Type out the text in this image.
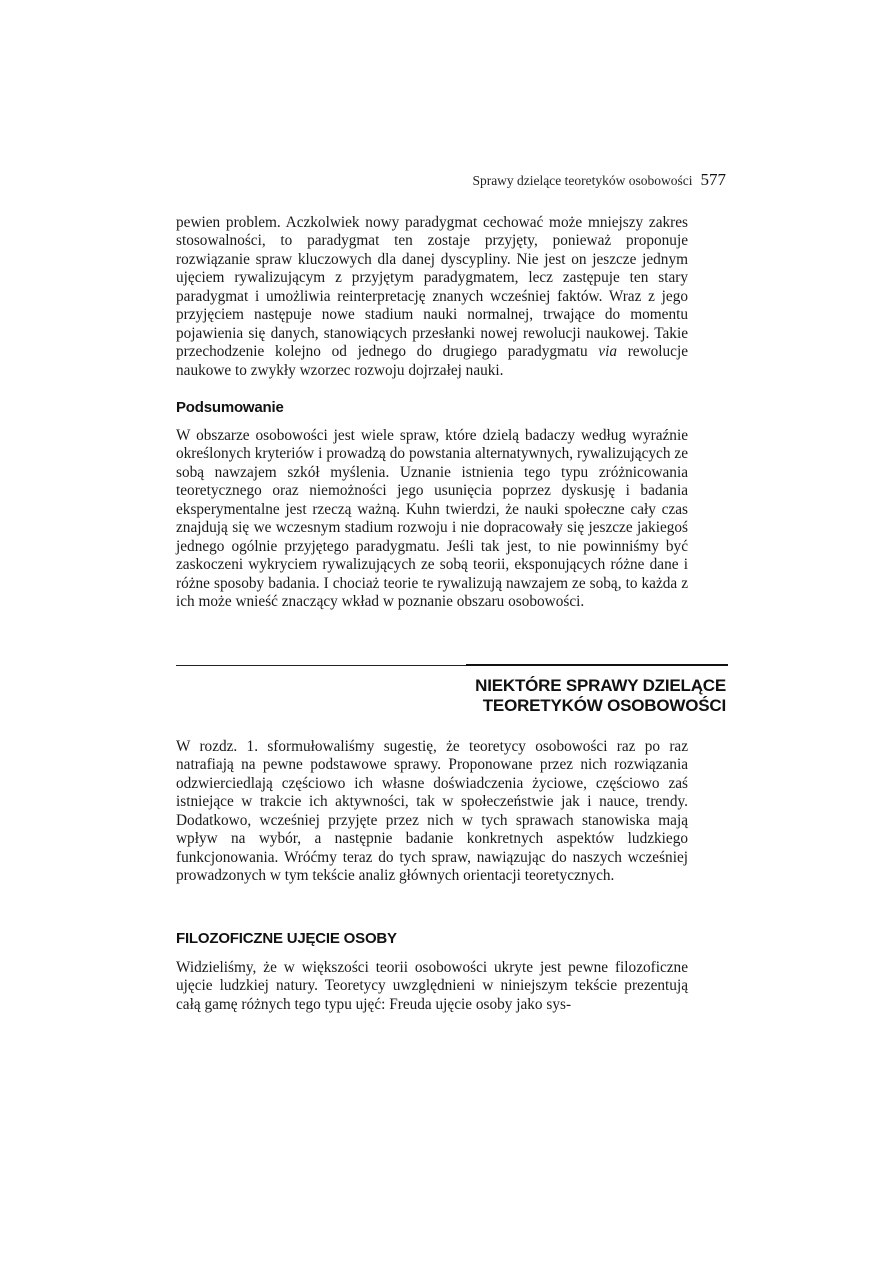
Sprawy dzielące teoretyków osobowości 577

pewien problem. Aczkolwiek nowy paradygmat cechować może mniejszy zakres stosowalności, to paradygmat ten zostaje przyjęty, ponieważ proponuje rozwiązanie spraw kluczowych dla danej dyscypliny. Nie jest on jeszcze jednym ujęciem rywalizującym z przyjętym paradygmatem, lecz zastępuje ten stary paradygmat i umożliwia reinterpretację znanych wcześniej faktów. Wraz z jego przyjęciem następuje nowe stadium nauki normalnej, trwające do momentu pojawienia się danych, stanowiących przesłanki nowej rewolucji naukowej. Takie przechodzenie kolejno od jednego do drugiego paradygmatu via rewolucje naukowe to zwykły wzorzec rozwoju dojrzałej nauki.

Podsumowanie

W obszarze osobowości jest wiele spraw, które dzielą badaczy według wyraźnie określonych kryteriów i prowadzą do powstania alternatywnych, rywalizujących ze sobą nawzajem szkół myślenia. Uznanie istnienia tego typu zróżnicowania teoretycznego oraz niemożności jego usunięcia poprzez dyskusję i badania eksperymentalne jest rzeczą ważną. Kuhn twierdzi, że nauki społeczne cały czas znajdują się we wczesnym stadium rozwoju i nie dopracowały się jeszcze jakiegoś jednego ogólnie przyjętego paradygmatu. Jeśli tak jest, to nie powinniśmy być zaskoczeni wykryciem rywalizujących ze sobą teorii, eksponujących różne dane i różne sposoby badania. I chociaż teorie te rywalizują nawzajem ze sobą, to każda z ich może wnieść znaczący wkład w poznanie obszaru osobowości.

NIEKTÓRE SPRAWY DZIELĄCE
TEORETYKÓW OSOBOWOŚCI

W rozdz. 1. sformułowaliśmy sugestię, że teoretycy osobowości raz po raz natrafiają na pewne podstawowe sprawy. Proponowane przez nich rozwiązania odzwierciedlają częściowo ich własne doświadczenia życiowe, częściowo zaś istniejące w trakcie ich aktywności, tak w społeczeństwie jak i nauce, trendy. Dodatkowo, wcześniej przyjęte przez nich w tych sprawach stanowiska mają wpływ na wybór, a następnie badanie konkretnych aspektów ludzkiego funkcjonowania. Wróćmy teraz do tych spraw, nawiązując do naszych wcześniej prowadzonych w tym tekście analiz głównych orientacji teoretycznych.

FILOZOFICZNE UJĘCIE OSOBY

Widzieliśmy, że w większości teorii osobowości ukryte jest pewne filozoficzne ujęcie ludzkiej natury. Teoretycy uwzględnieni w niniejszym tekście prezentują całą gamę różnych tego typu ujęć: Freuda ujęcie osoby jako sys-
